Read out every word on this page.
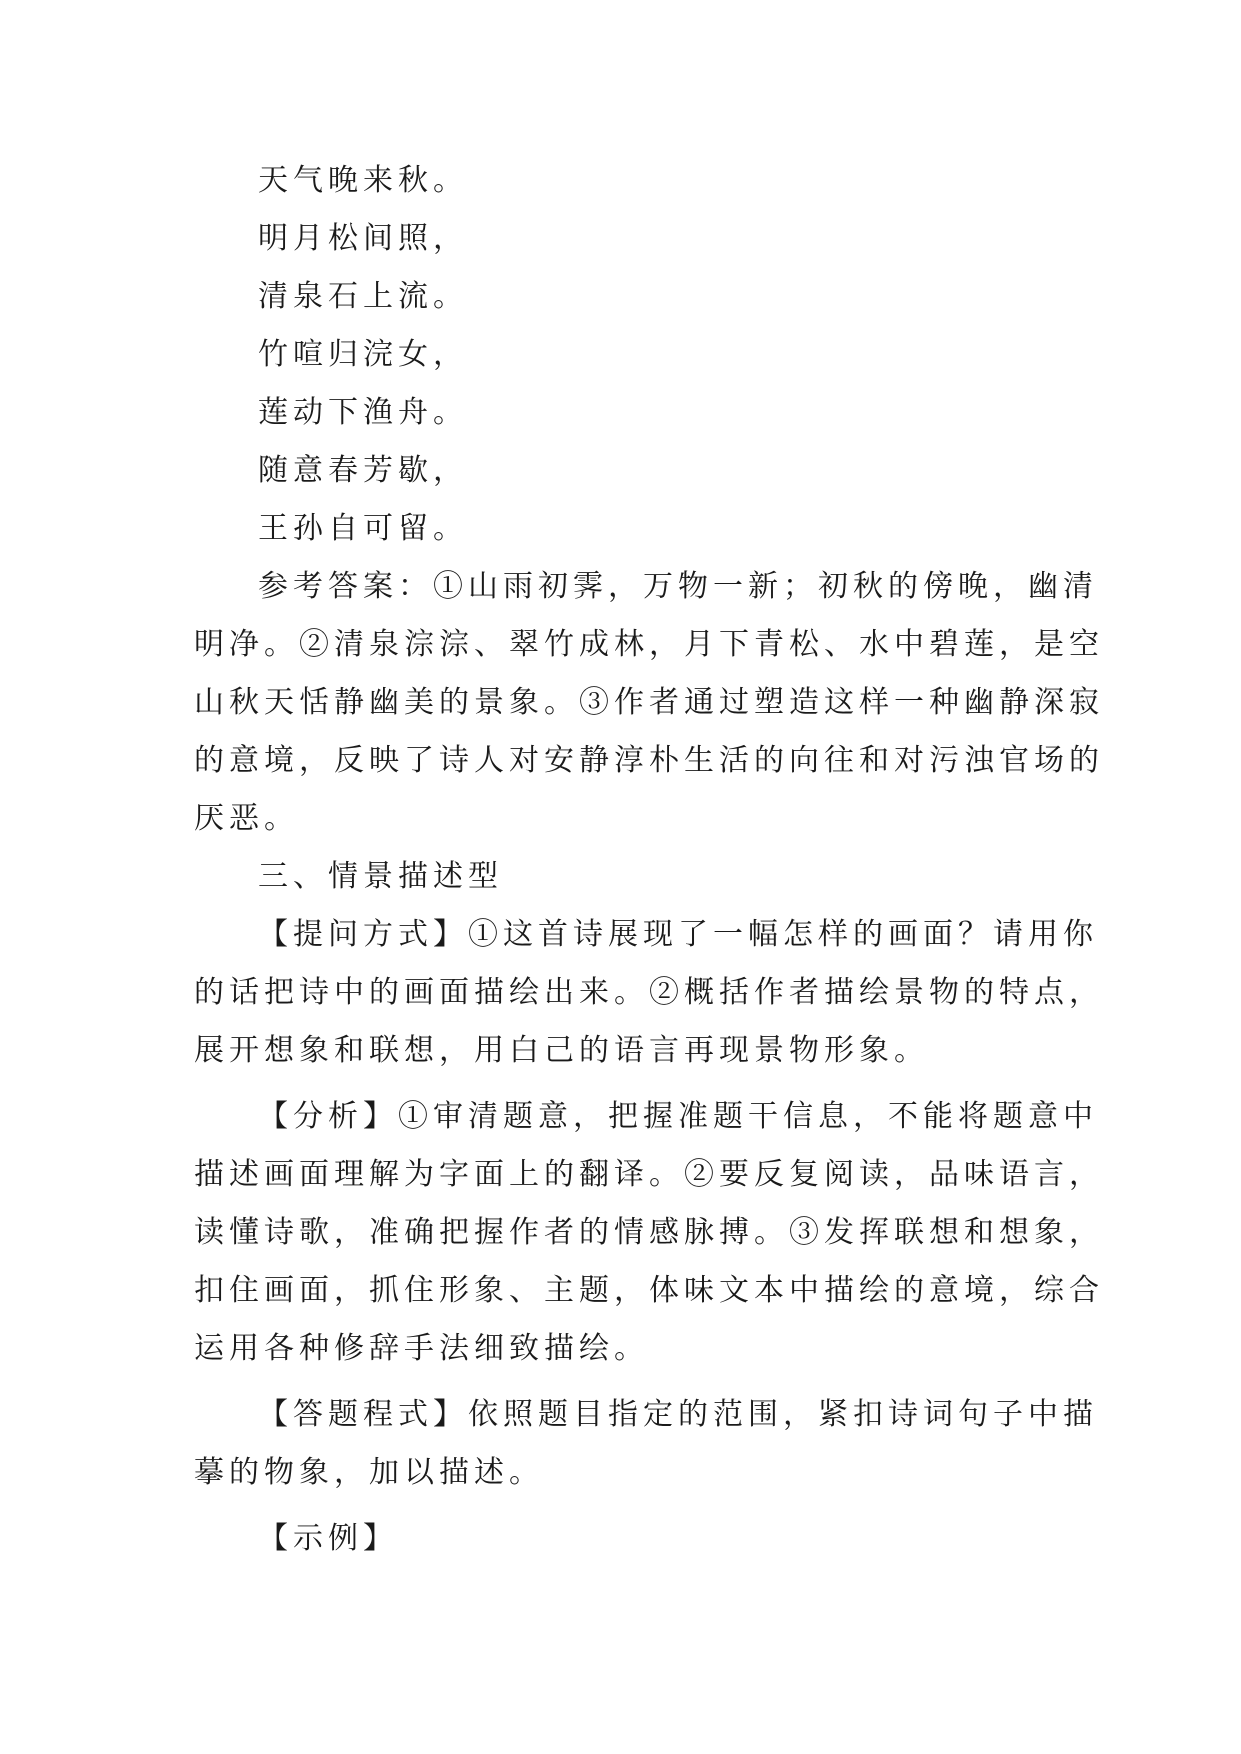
天气晚来秋。
明月松间照，
清泉石上流。
竹喧归浣女，
莲动下渔舟。
随意春芳歇，
王孙自可留。
参考答案：①山雨初霁，万物一新；初秋的傍晚，幽清
明净。②清泉淙淙、翠竹成林，月下青松、水中碧莲，是空
山秋天恬静幽美的景象。③作者通过塑造这样一种幽静深寂
的意境，反映了诗人对安静淳朴生活的向往和对污浊官场的
厌恶。
三、情景描述型
【提问方式】①这首诗展现了一幅怎样的画面？请用你
的话把诗中的画面描绘出来。②概括作者描绘景物的特点，
展开想象和联想，用白己的语言再现景物形象。
【分析】①审清题意，把握准题干信息，不能将题意中
描述画面理解为字面上的翻译。②要反复阅读，品味语言，
读懂诗歌，准确把握作者的情感脉搏。③发挥联想和想象，
扣住画面，抓住形象、主题，体味文本中描绘的意境，综合
运用各种修辞手法细致描绘。
【答题程式】依照题目指定的范围，紧扣诗词句子中描
摹的物象，加以描述。
【示例】
